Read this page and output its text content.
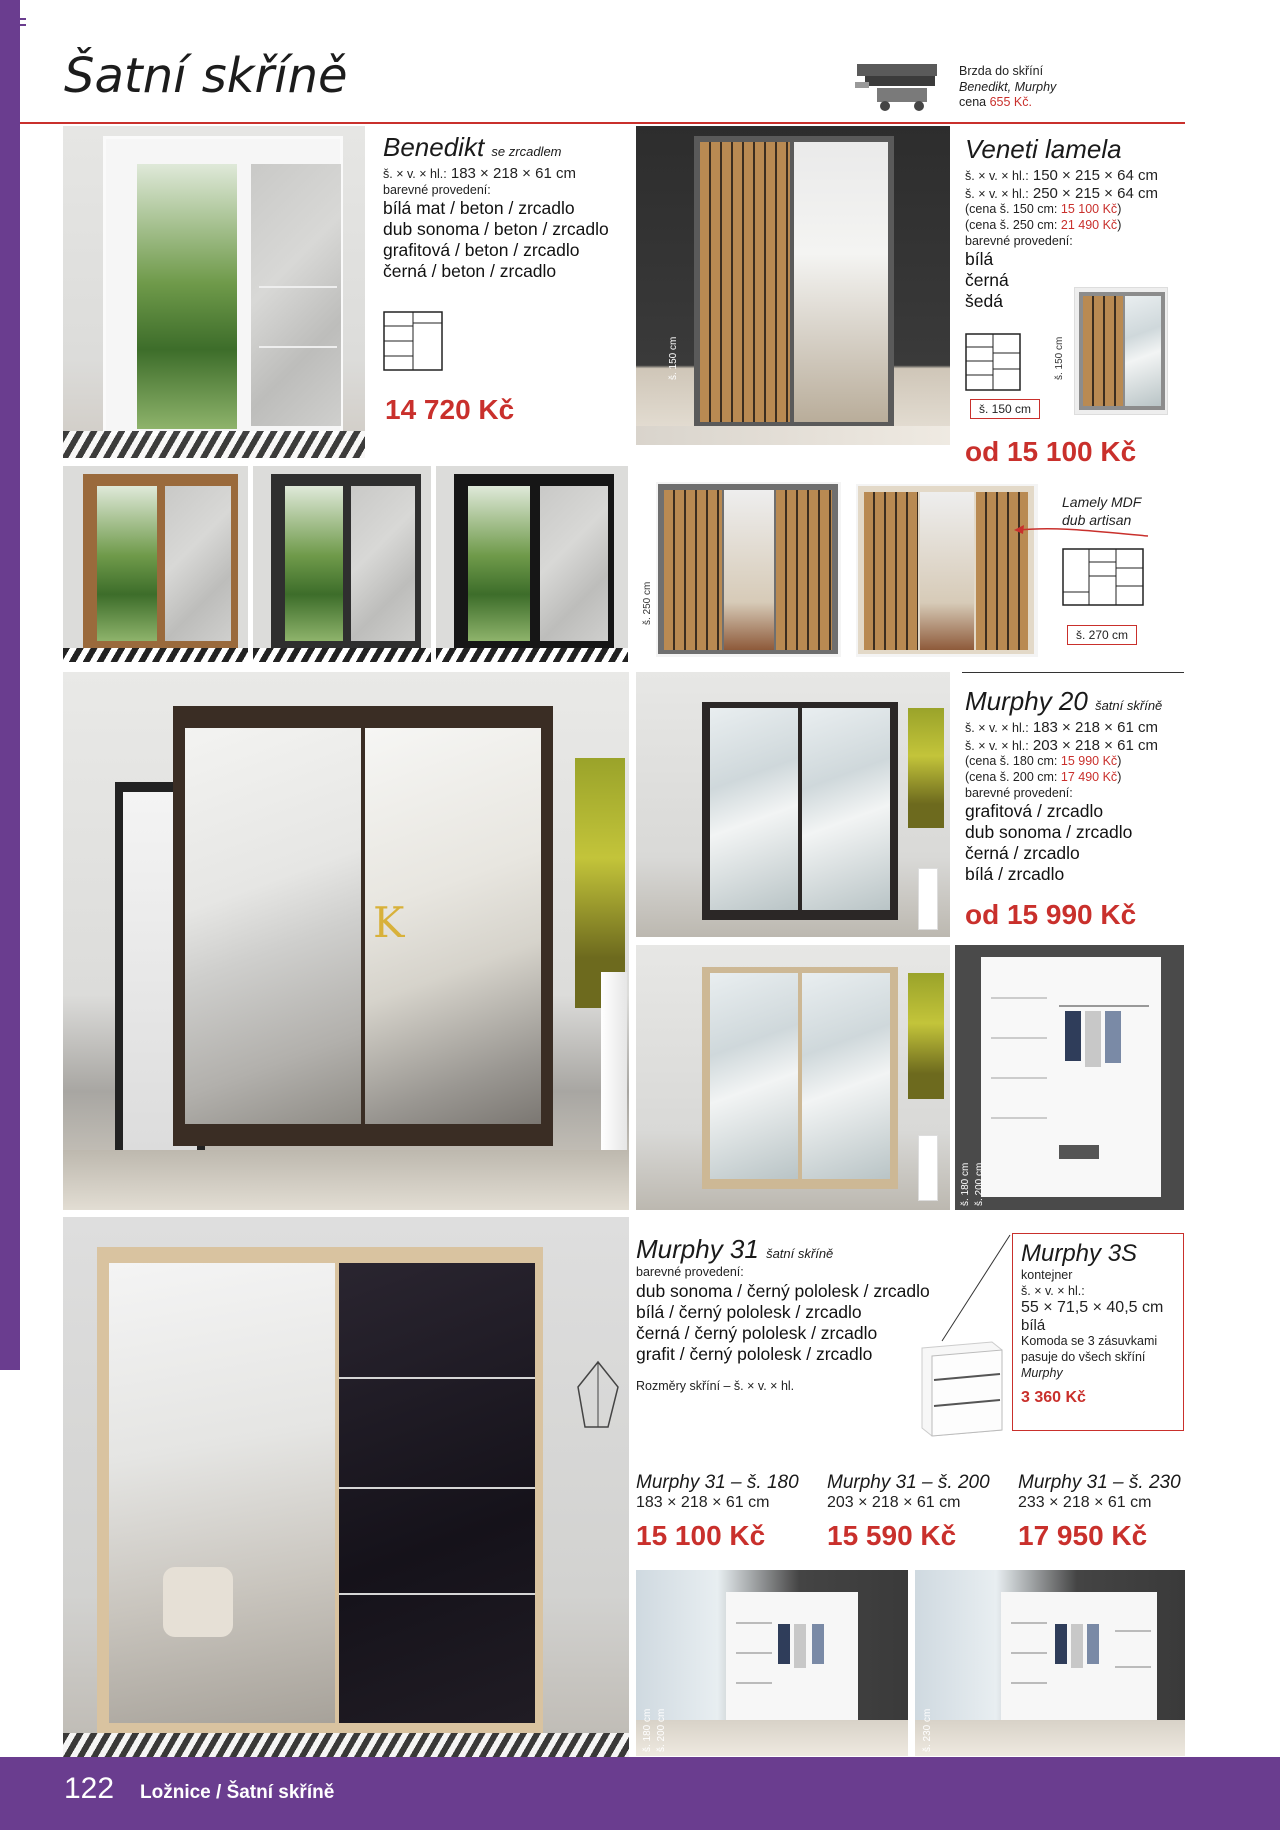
Šatní skříně	Brzda do skříní
Benedikt, Murphy
cena 655 Kč.
Benedikt se zrcadlem
š. × v. × hl.: 183 × 218 × 61 cm
barevné provedení:
bílá mat / beton / zrcadlo
dub sonoma / beton / zrcadlo
grafitová / beton / zrcadlo
černá / beton / zrcadlo
14 720 Kč
š. 150 cm
Veneti lamela
š. × v. × hl.: 150 × 215 × 64 cm
š. × v. × hl.: 250 × 215 × 64 cm
(cena š. 150 cm: 15 100 Kč)
(cena š. 250 cm: 21 490 Kč)
barevné provedení:
bílá
černá
šedá
š. 150 cm
š. 150 cm
od 15 100 Kč
š. 250 cm
Lamely MDF
dub artisan
š. 270 cm
K
š. 180 cm š. 200 cm
Murphy 20 šatní skříně
š. × v. × hl.: 183 × 218 × 61 cm
š. × v. × hl.: 203 × 218 × 61 cm
(cena š. 180 cm: 15 990 Kč)
(cena š. 200 cm: 17 490 Kč)
barevné provedení:
grafitová / zrcadlo
dub sonoma / zrcadlo
černá / zrcadlo
bílá / zrcadlo
od 15 990 Kč
Murphy 31 šatní skříně
barevné provedení:
dub sonoma / černý pololesk / zrcadlo
bílá / černý pololesk / zrcadlo
černá / černý pololesk / zrcadlo
grafit / černý pololesk / zrcadlo
Rozměry skříní – š. × v. × hl.
Murphy 3S
kontejner
š. × v. × hl.:
55 × 71,5 × 40,5 cm
bílá
Komoda se 3 zásuvkami
pasuje do všech skříní
Murphy
3 360 Kč
Murphy 31 – š. 180
183 × 218 × 61 cm
15 100 Kč
Murphy 31 – š. 200
203 × 218 × 61 cm
15 590 Kč
Murphy 31 – š. 230
233 × 218 × 61 cm
17 950 Kč
š. 180 cm š. 200 cm	š. 230 cm
122 Ložnice / Šatní skříně
